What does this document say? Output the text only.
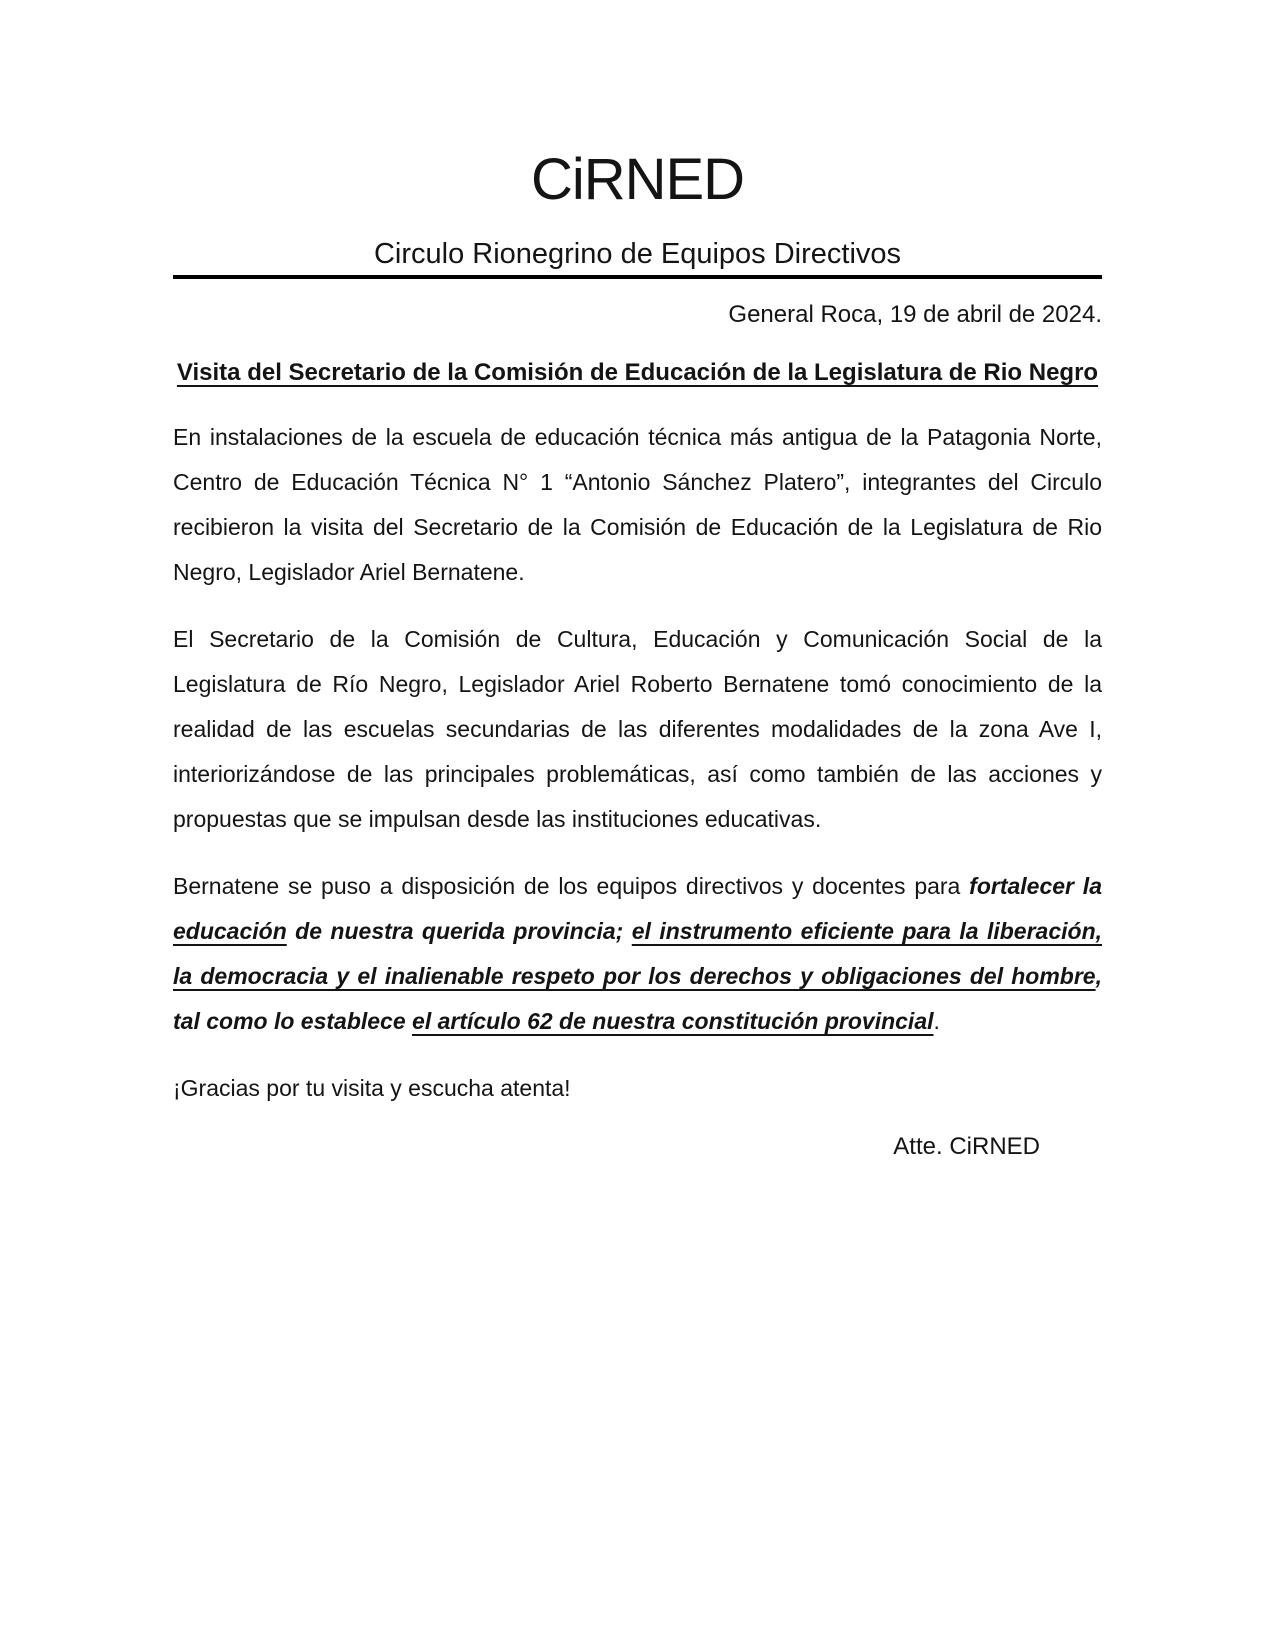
CiRNED
Circulo Rionegrino de Equipos Directivos
General Roca, 19 de abril de 2024.
Visita del Secretario de la Comisión de Educación de la Legislatura de Rio Negro

En instalaciones de la escuela de educación técnica más antigua de la Patagonia Norte, Centro de Educación Técnica N° 1 “Antonio Sánchez Platero”, integrantes del Circulo recibieron la visita del Secretario de la Comisión de Educación de la Legislatura de Rio Negro, Legislador Ariel Bernatene.

El Secretario de la Comisión de Cultura, Educación y Comunicación Social de la Legislatura de Río Negro, Legislador Ariel Roberto Bernatene tomó conocimiento de la realidad de las escuelas secundarias de las diferentes modalidades de la zona Ave I, interiorizándose de las principales problemáticas, así como también de las acciones y propuestas que se impulsan desde las instituciones educativas.

Bernatene se puso a disposición de los equipos directivos y docentes para fortalecer la educación de nuestra querida provincia; el instrumento eficiente para la liberación, la democracia y el inalienable respeto por los derechos y obligaciones del hombre, tal como lo establece el artículo 62 de nuestra constitución provincial.

¡Gracias por tu visita y escucha atenta!

Atte. CiRNED
